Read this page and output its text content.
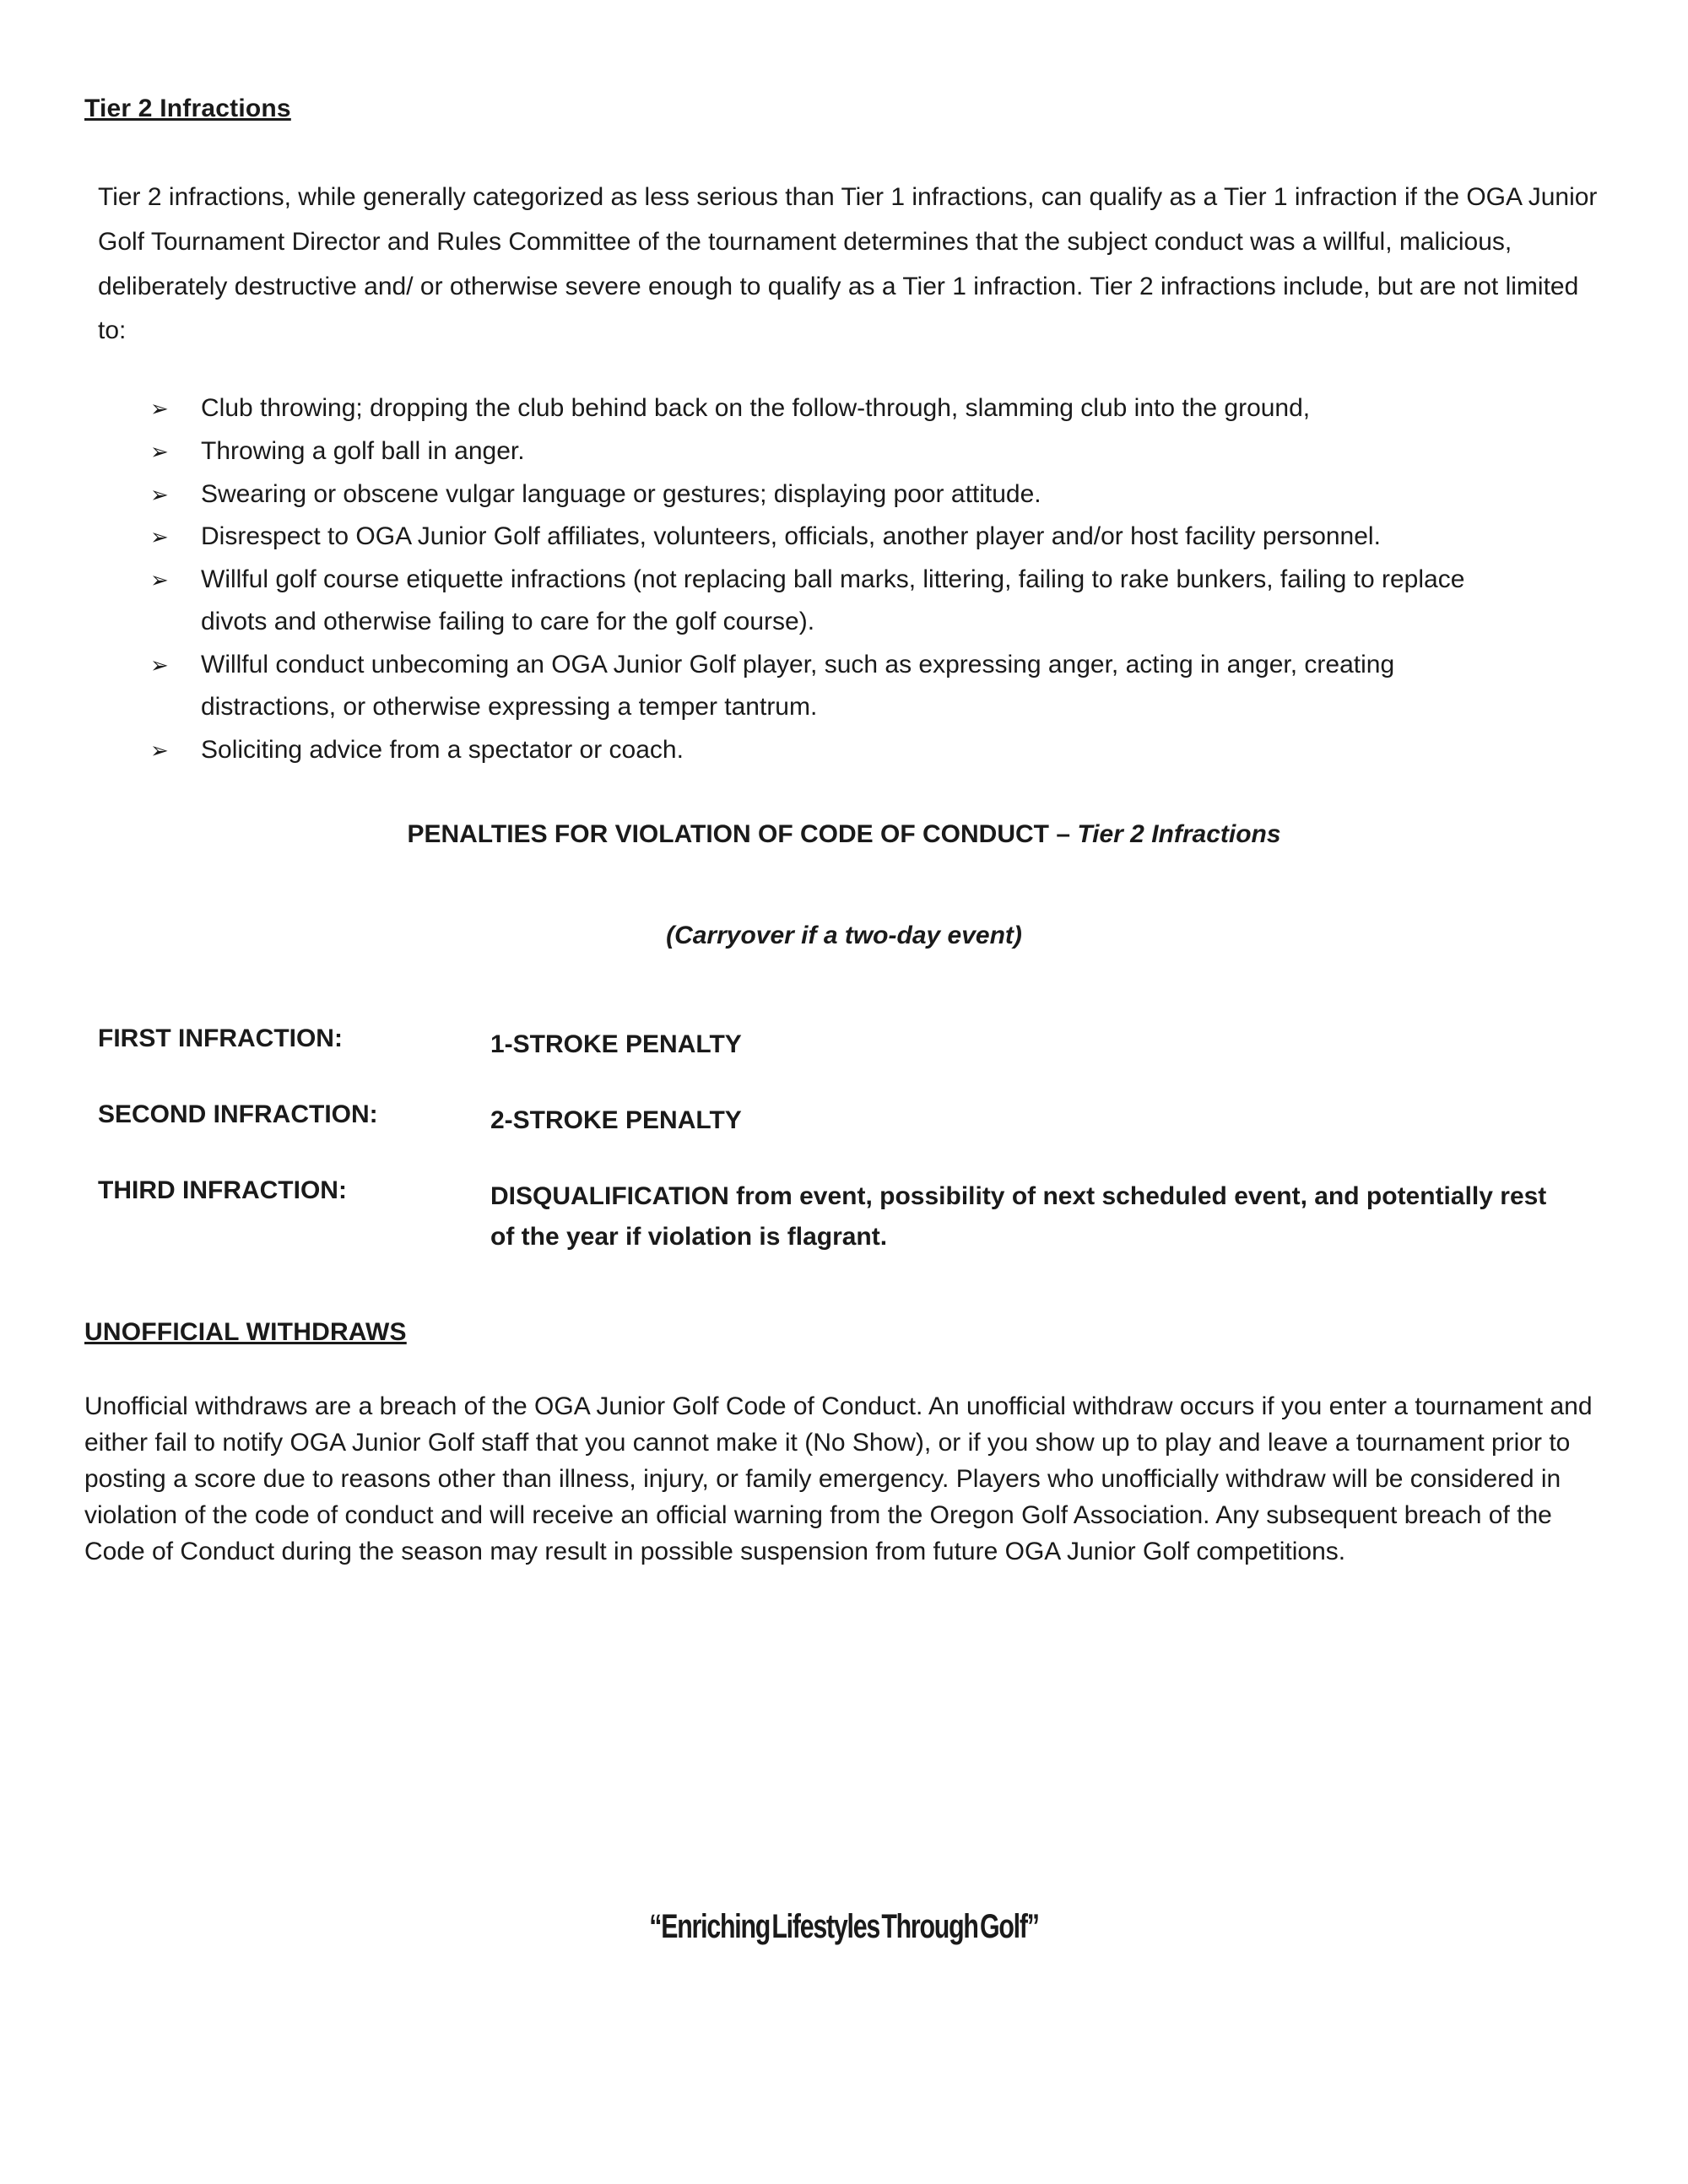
Tier 2 Infractions

Tier 2 infractions, while generally categorized as less serious than Tier 1 infractions, can qualify as a Tier 1 infraction if the OGA Junior Golf Tournament Director and Rules Committee of the tournament determines that the subject conduct was a willful, malicious, deliberately destructive and/ or otherwise severe enough to qualify as a Tier 1 infraction. Tier 2 infractions include, but are not limited to:

➢	Club throwing; dropping the club behind back on the follow-through, slamming club into the ground,
➢	Throwing a golf ball in anger.
➢	Swearing or obscene vulgar language or gestures; displaying poor attitude.
➢	Disrespect to OGA Junior Golf affiliates, volunteers, officials, another player and/or host facility personnel.
➢	Willful golf course etiquette infractions (not replacing ball marks, littering, failing to rake bunkers, failing to replace divots and otherwise failing to care for the golf course).
➢	Willful conduct unbecoming an OGA Junior Golf player, such as expressing anger, acting in anger, creating distractions, or otherwise expressing a temper tantrum.
➢	Soliciting advice from a spectator or coach.

PENALTIES FOR VIOLATION OF CODE OF CONDUCT – Tier 2 Infractions

(Carryover if a two-day event)

FIRST INFRACTION:	1-STROKE PENALTY
SECOND INFRACTION:	2-STROKE PENALTY
THIRD INFRACTION:	DISQUALIFICATION from event, possibility of next scheduled event, and potentially rest of the year if violation is flagrant.
UNOFFICIAL WITHDRAWS

Unofficial withdraws are a breach of the OGA Junior Golf Code of Conduct. An unofficial withdraw occurs if you enter a tournament and either fail to notify OGA Junior Golf staff that you cannot make it (No Show), or if you show up to play and leave a tournament prior to posting a score due to reasons other than illness, injury, or family emergency. Players who unofficially withdraw will be considered in violation of the code of conduct and will receive an official warning from the Oregon Golf Association. Any subsequent breach of the Code of Conduct during the season may result in possible suspension from future OGA Junior Golf competitions.

“Enriching Lifestyles Through Golf”
